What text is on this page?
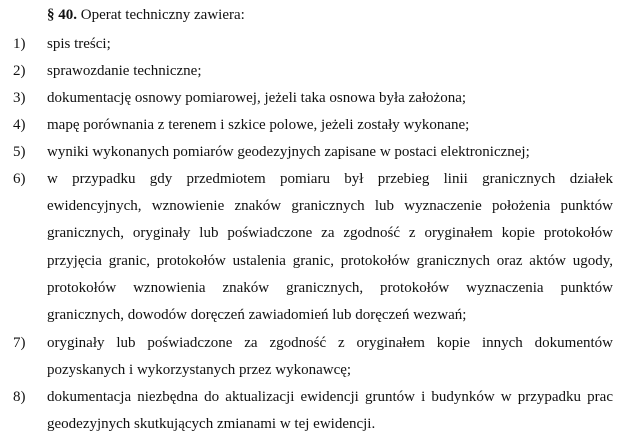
§ 40. Operat techniczny zawiera:
1) spis treści;
2) sprawozdanie techniczne;
3) dokumentację osnowy pomiarowej, jeżeli taka osnowa była założona;
4) mapę porównania z terenem i szkice polowe, jeżeli zostały wykonane;
5) wyniki wykonanych pomiarów geodezyjnych zapisane w postaci elektronicznej;
6) w przypadku gdy przedmiotem pomiaru był przebieg linii granicznych działek ewidencyjnych, wznowienie znaków granicznych lub wyznaczenie położenia punktów granicznych, oryginały lub poświadczone za zgodność z oryginałem kopie protokołów przyjęcia granic, protokołów ustalenia granic, protokołów granicznych oraz aktów ugody, protokołów wznowienia znaków granicznych, protokołów wyznaczenia punktów granicznych, dowodów doręczeń zawiadomień lub doręczeń wezwań;
7) oryginały lub poświadczone za zgodność z oryginałem kopie innych dokumentów pozyskanych i wykorzystanych przez wykonawcę;
8) dokumentacja niezbędna do aktualizacji ewidencji gruntów i budynków w przypadku prac geodezyjnych skutkujących zmianami w tej ewidencji.
